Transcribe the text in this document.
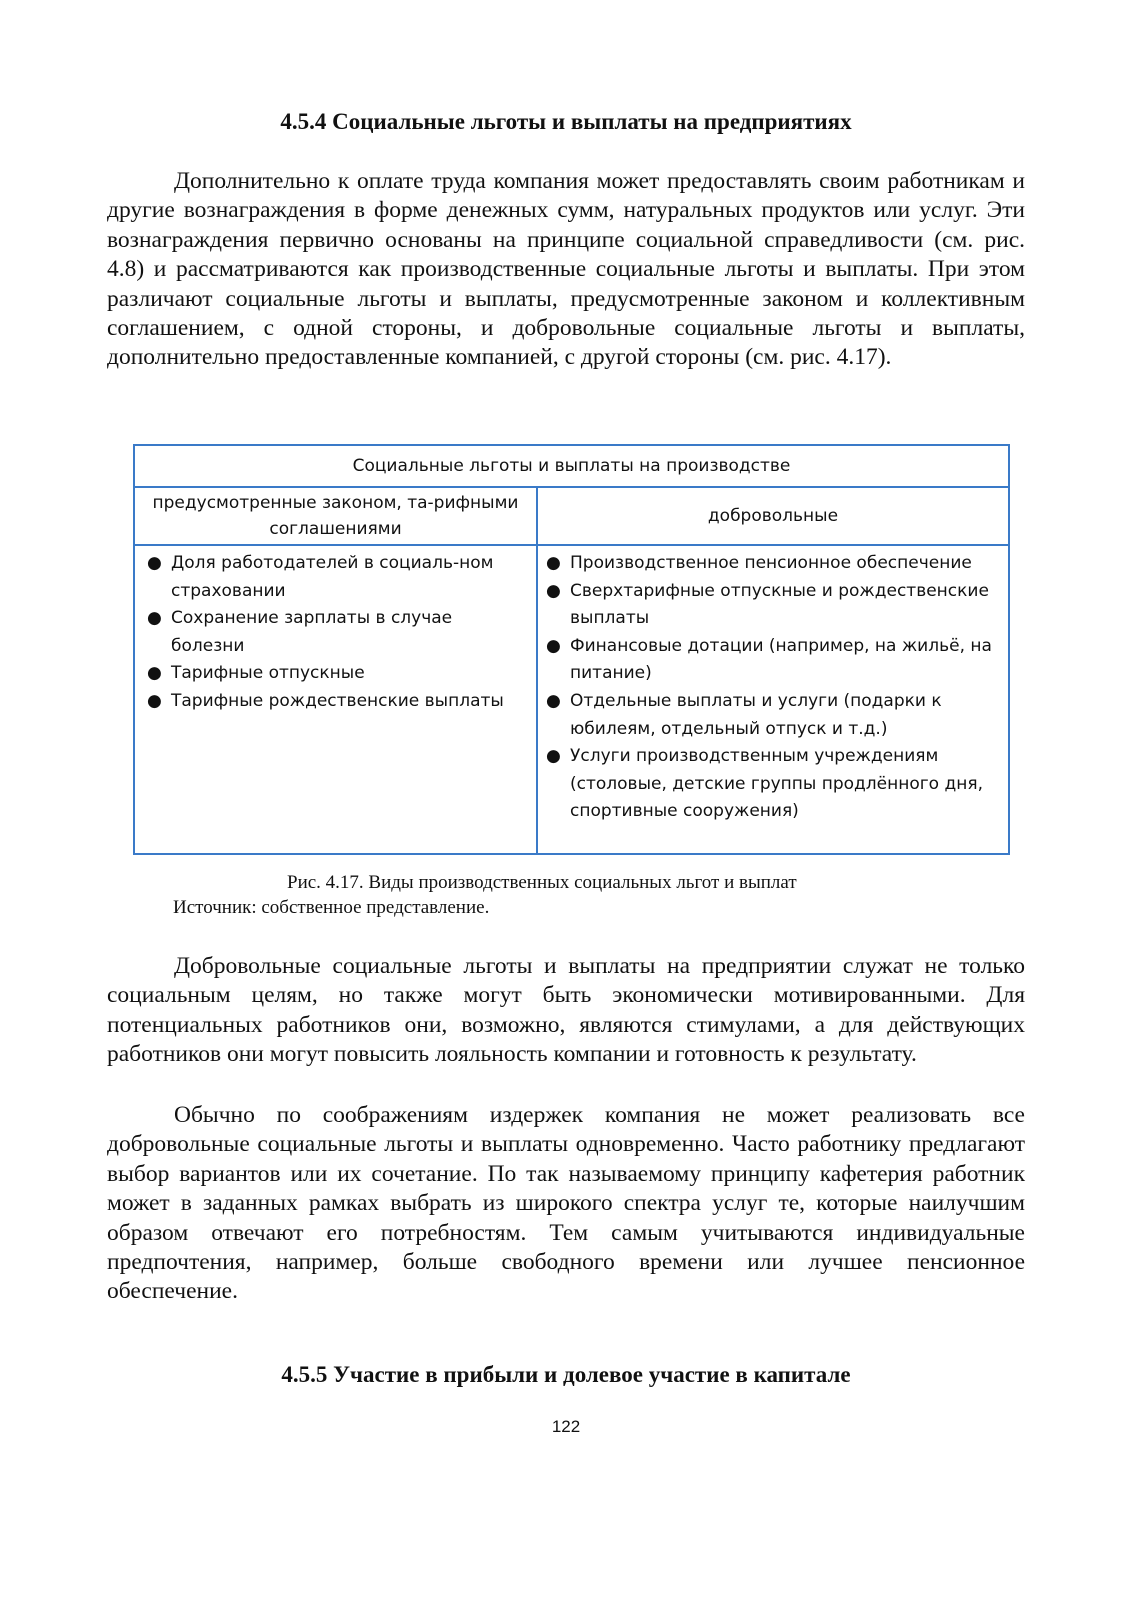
4.5.4 Социальные льготы и выплаты на предприятиях

Дополнительно к оплате труда компания может предоставлять своим работникам и другие вознаграждения в форме денежных сумм, натуральных продуктов или услуг. Эти вознаграждения первично основаны на принципе социальной справедливости (см. рис. 4.8) и рассматриваются как производственные социальные льготы и выплаты. При этом различают социальные льготы и выплаты, предусмотренные законом и коллективным соглашением, с одной стороны, и добровольные социальные льготы и выплаты, дополнительно предоставленные компанией, с другой стороны (см. рис. 4.17).

Социальные льготы и выплаты на производстве
предусмотренные законом, та-рифными соглашениями
добровольные
● Доля работодателей в социаль-ном страховании
● Сохранение зарплаты в случае болезни
● Тарифные отпускные
● Тарифные рождественские выплаты
● Производственное пенсионное обеспечение
● Сверхтарифные отпускные и рождественские выплаты
● Финансовые дотации (например, на жильё, на питание)
● Отдельные выплаты и услуги (подарки к юбилеям, отдельный отпуск и т.д.)
● Услуги производственным учреждениям (столовые, детские группы продлённого дня, спортивные сооружения)

Рис. 4.17. Виды производственных социальных льгот и выплат

Источник: собственное представление.

Добровольные социальные льготы и выплаты на предприятии служат не только социальным целям, но также могут быть экономически мотивированными. Для потенциальных работников они, возможно, являются стимулами, а для действующих работников они могут повысить лояльность компании и готовность к результату.

Обычно по соображениям издержек компания не может реализовать все добровольные социальные льготы и выплаты одновременно. Часто работнику предлагают выбор вариантов или их сочетание. По так называемому принципу кафетерия работник может в заданных рамках выбрать из широкого спектра услуг те, которые наилучшим образом отвечают его потребностям. Тем самым учитываются индивидуальные предпочтения, например, больше свободного времени или лучшее пенсионное обеспечение.

4.5.5 Участие в прибыли и долевое участие в капитале
122
